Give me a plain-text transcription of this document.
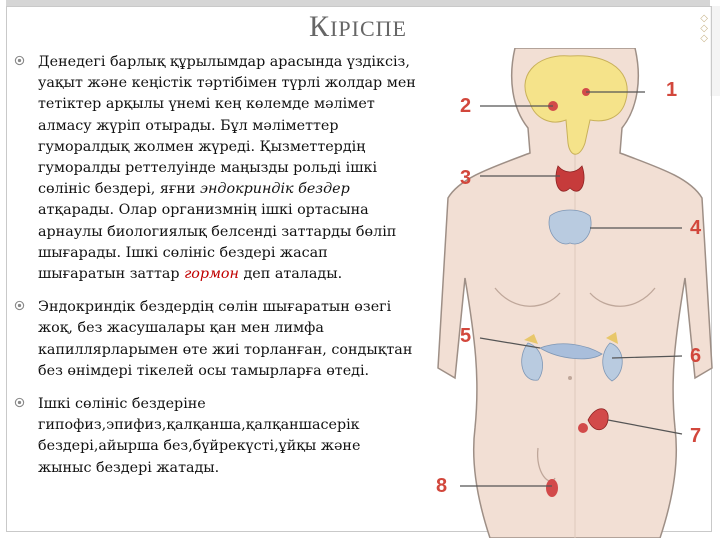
◇
◇
◇
КІРІСПЕ
Денедегі барлық құрылымдар арасында үздіксіз, уақыт және кеңістік тәртібімен түрлі жолдар мен тетіктер арқылы үнемі кең көлемде мәлімет алмасу жүріп отырады. Бұл мәліметтер гуморалдық жолмен жүреді. Қызметтердің гуморалды реттелуінде маңызды рольді ішкі сөлініс бездері, яғни эндокриндік бездер атқарады. Олар организмнің ішкі ортасына арнаулы биологиялық белсенді заттарды бөліп шығарады. Ішкі сөлініс бездері жасап шығаратын заттар гормон деп аталады.
Эндокриндік бездердің сөлін шығаратын өзегі жоқ, без жасушалары қан мен лимфа капиллярларымен өте жиі торланған, сондықтан без өнімдері тікелей осы тамырларға өтеді.
Ішкі сөлініс бездеріне гипофиз,эпифиз,қалқанша,қалқаншасерік бездері,айырша без,бүйрекүсті,ұйқы және жыныс бездері жатады.
1
2
3
4
5
6
7
8
